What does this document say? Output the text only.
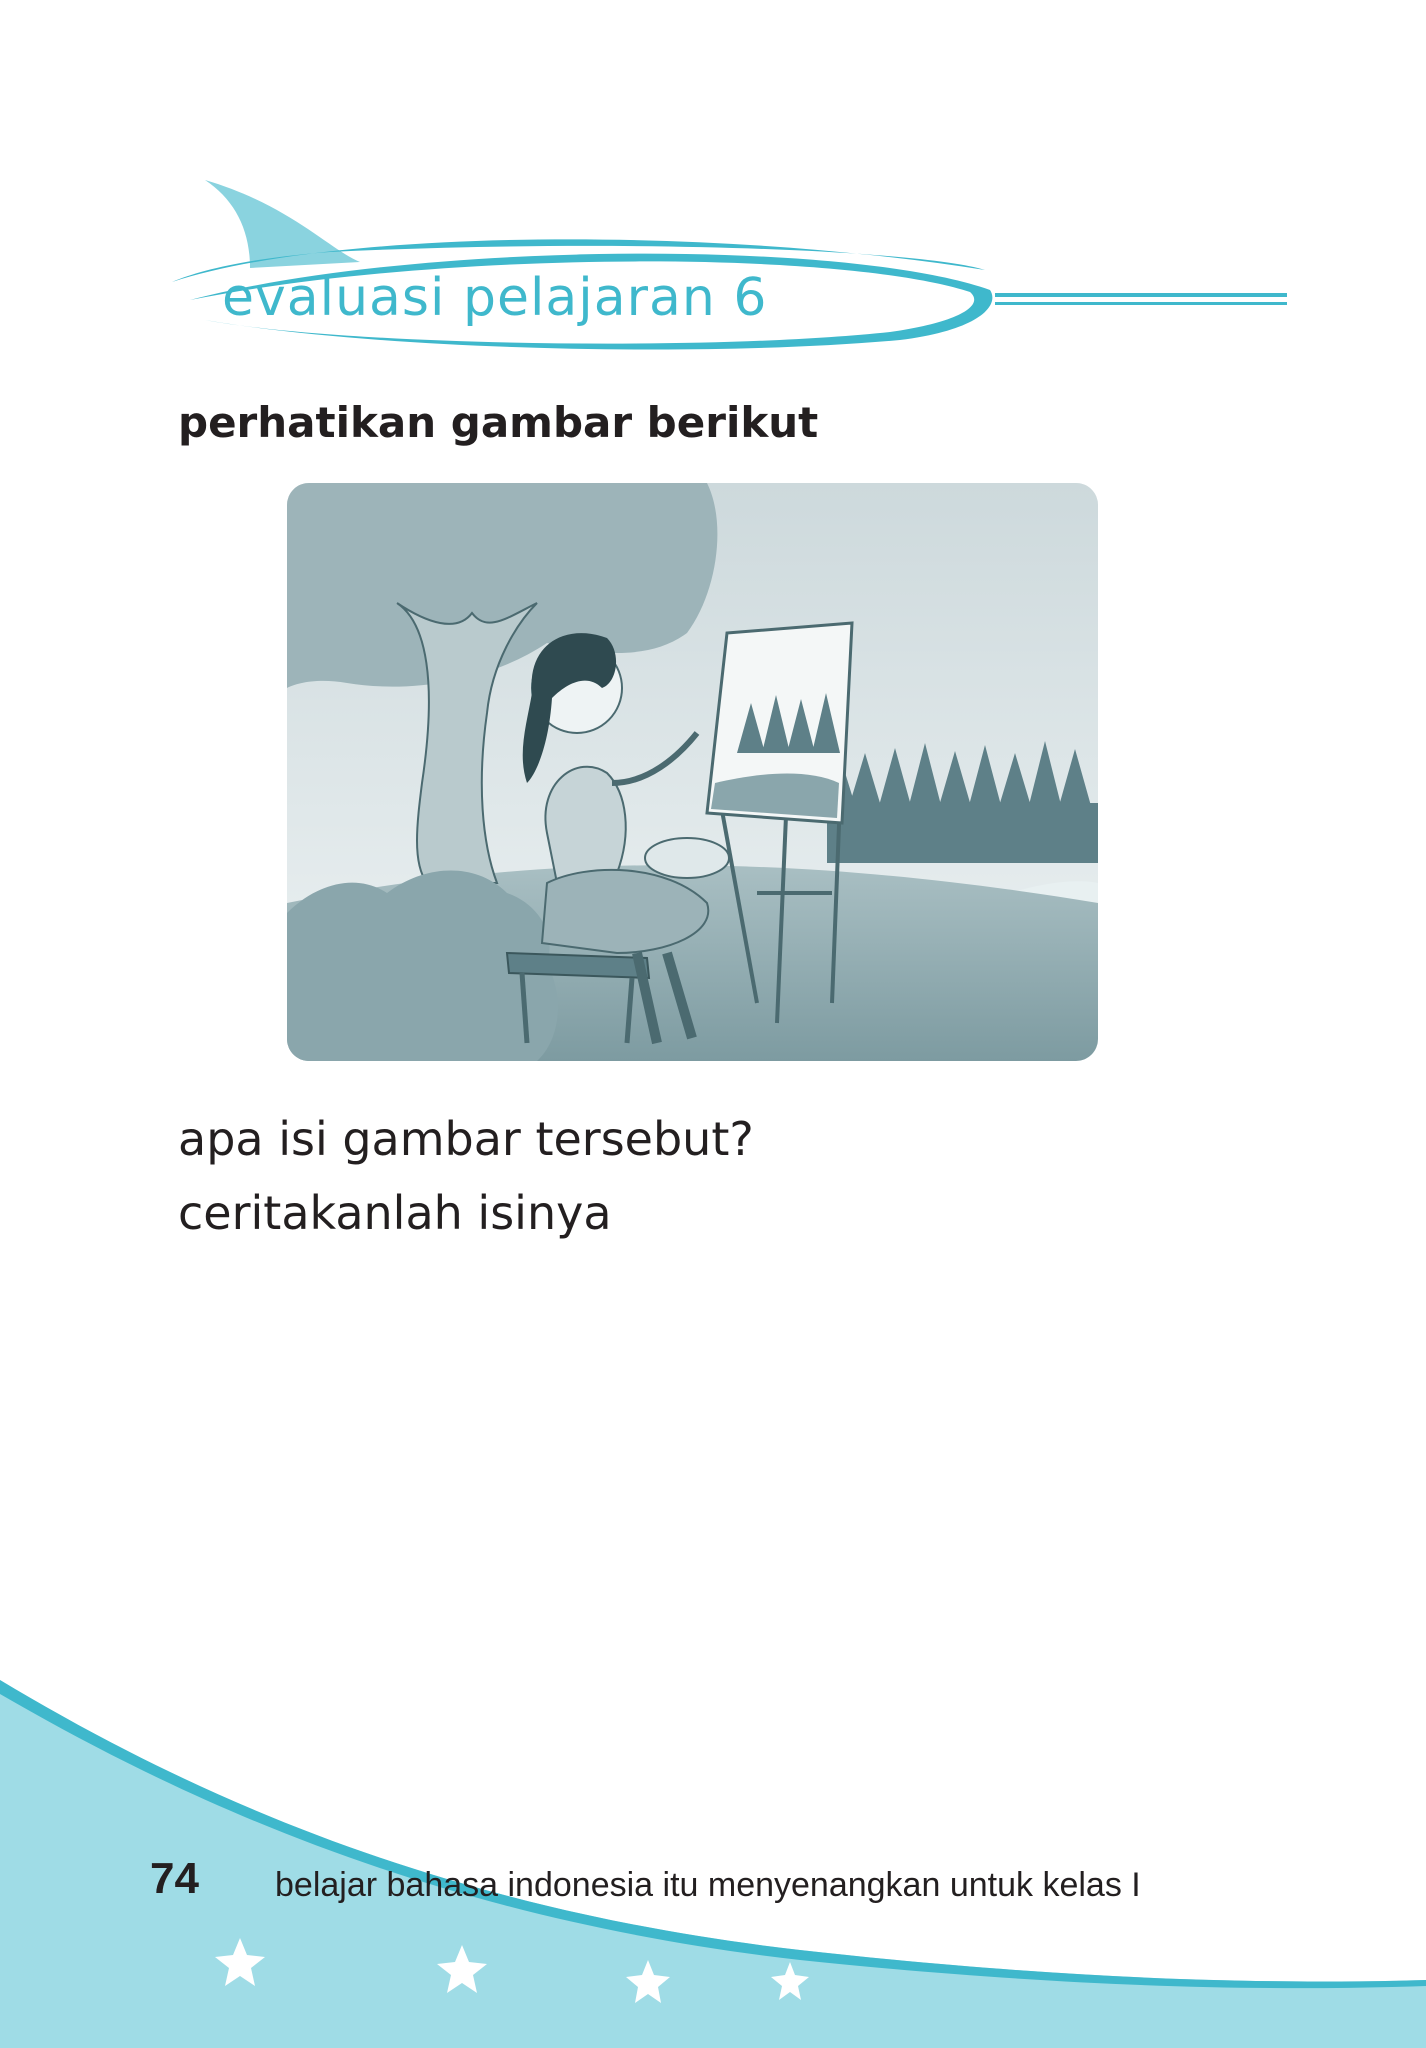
evaluasi pelajaran 6
perhatikan gambar berikut
apa isi gambar tersebut?
ceritakanlah isinya
74 belajar bahasa indonesia itu menyenangkan untuk kelas I
